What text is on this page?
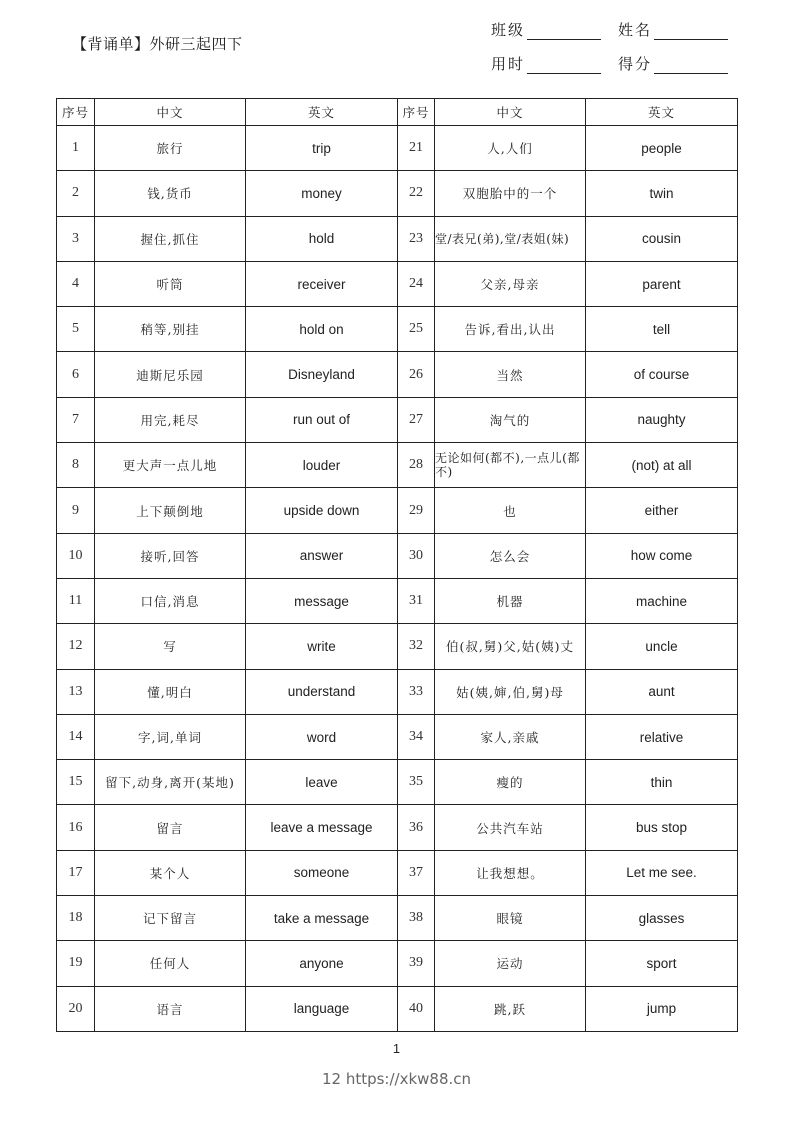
【背诵单】外研三起四下
班级	姓名
用时	得分
序号	中文	英文	序号	中文	英文
1	旅行	trip	21	人,人们	people
2	钱,货币	money	22	双胞胎中的一个	twin
3	握住,抓住	hold	23	堂/表兄(弟),堂/表姐(妹)	cousin
4	听筒	receiver	24	父亲,母亲	parent
5	稍等,别挂	hold on	25	告诉,看出,认出	tell
6	迪斯尼乐园	Disneyland	26	当然	of course
7	用完,耗尽	run out of	27	淘气的	naughty
8	更大声一点儿地	louder	28	无论如何(都不),一点儿(都不)	(not) at all
9	上下颠倒地	upside down	29	也	either
10	接听,回答	answer	30	怎么会	how come
11	口信,消息	message	31	机器	machine
12	写	write	32	伯(叔,舅)父,姑(姨)丈	uncle
13	懂,明白	understand	33	姑(姨,婶,伯,舅)母	aunt
14	字,词,单词	word	34	家人,亲戚	relative
15	留下,动身,离开(某地)	leave	35	瘦的	thin
16	留言	leave a message	36	公共汽车站	bus stop
17	某个人	someone	37	让我想想。	Let me see.
18	记下留言	take a message	38	眼镜	glasses
19	任何人	anyone	39	运动	sport
20	语言	language	40	跳,跃	jump
1
12 https://xkw88.cn
